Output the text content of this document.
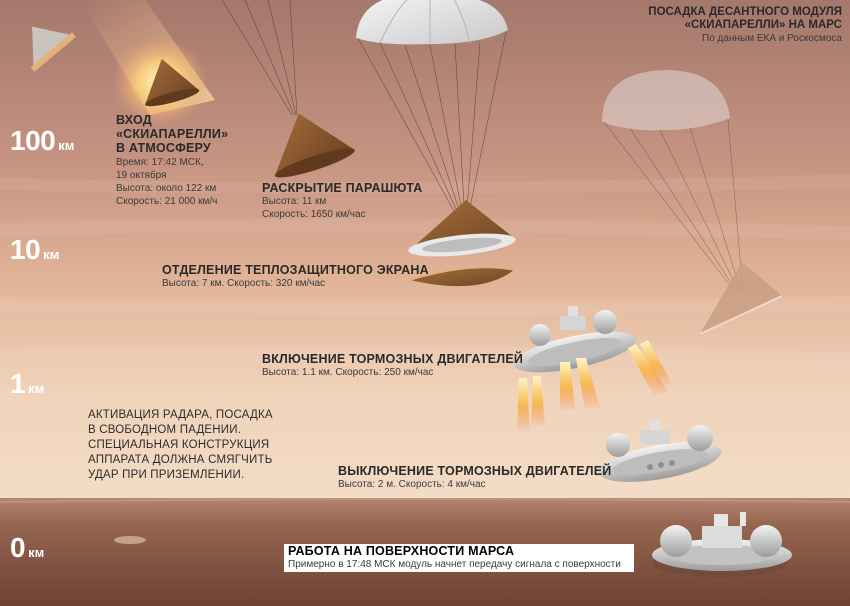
ПОСАДКА ДЕСАНТНОГО МОДУЛЯ
«СКИАПАРЕЛЛИ» НА МАРС
По данным ЕКА и Роскосмоса
100 км
10 км
1 км
0 км
ВХОД
«СКИАПАРЕЛЛИ»
В АТМОСФЕРУ
Время: 17:42 МСК,
19 октября
Высота: около 122 км
Скорость: 21 000 км/ч
РАСКРЫТИЕ ПАРАШЮТА
Высота: 11 км
Скорость: 1650 км/час
ОТДЕЛЕНИЕ ТЕПЛОЗАЩИТНОГО ЭКРАНА
Высота: 7 км. Скорость: 320 км/час
ВКЛЮЧЕНИЕ ТОРМОЗНЫХ ДВИГАТЕЛЕЙ
Высота: 1.1 км. Скорость: 250 км/час
АКТИВАЦИЯ РАДАРА, ПОСАДКА
В СВОБОДНОМ ПАДЕНИИ.
СПЕЦИАЛЬНАЯ КОНСТРУКЦИЯ
АППАРАТА ДОЛЖНА СМЯГЧИТЬ
УДАР ПРИ ПРИЗЕМЛЕНИИ.	ВЫКЛЮЧЕНИЕ ТОРМОЗНЫХ ДВИГАТЕЛЕЙ
Высота: 2 м. Скорость: 4 км/час
РАБОТА НА ПОВЕРХНОСТИ МАРСА
Примерно в 17:48 МСК модуль начнет передачу сигнала с поверхности
